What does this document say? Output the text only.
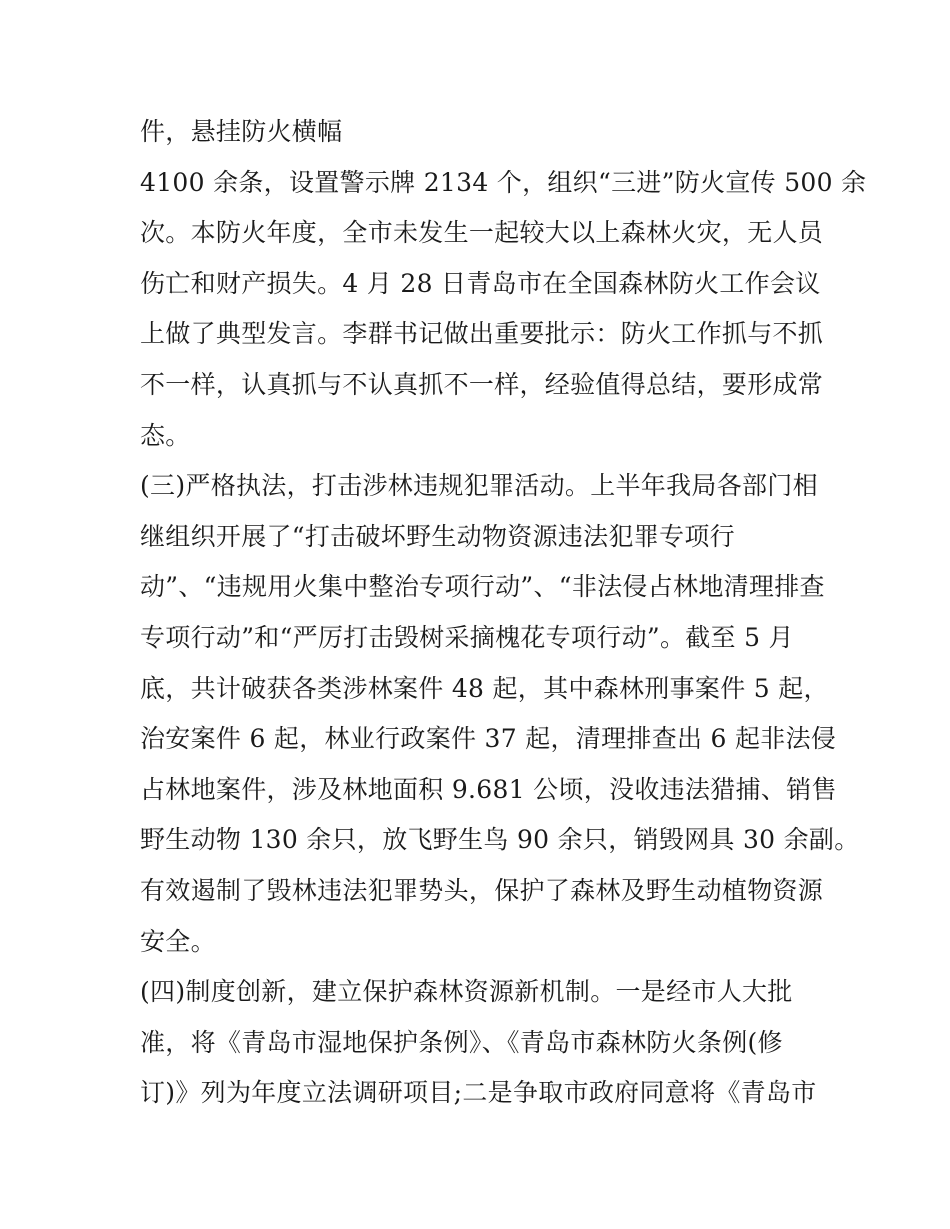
件，悬挂防火横幅
4100 余条，设置警示牌 2134 个，组织“三进”防火宣传 500 余
次。本防火年度，全市未发生一起较大以上森林火灾，无人员
伤亡和财产损失。4 月 28 日青岛市在全国森林防火工作会议
上做了典型发言。李群书记做出重要批示：防火工作抓与不抓
不一样，认真抓与不认真抓不一样，经验值得总结，要形成常
态。
(三)严格执法，打击涉林违规犯罪活动。上半年我局各部门相
继组织开展了“打击破坏野生动物资源违法犯罪专项行
动”、“违规用火集中整治专项行动”、“非法侵占林地清理排查
专项行动”和“严厉打击毁树采摘槐花专项行动”。截至 5 月
底，共计破获各类涉林案件 48 起，其中森林刑事案件 5 起，
治安案件 6 起，林业行政案件 37 起，清理排查出 6 起非法侵
占林地案件，涉及林地面积 9.681 公顷，没收违法猎捕、销售
野生动物 130 余只，放飞野生鸟 90 余只，销毁网具 30 余副。
有效遏制了毁林违法犯罪势头，保护了森林及野生动植物资源
安全。
(四)制度创新，建立保护森林资源新机制。一是经市人大批
准，将《青岛市湿地保护条例》、《青岛市森林防火条例(修
订)》列为年度立法调研项目;二是争取市政府同意将《青岛市
